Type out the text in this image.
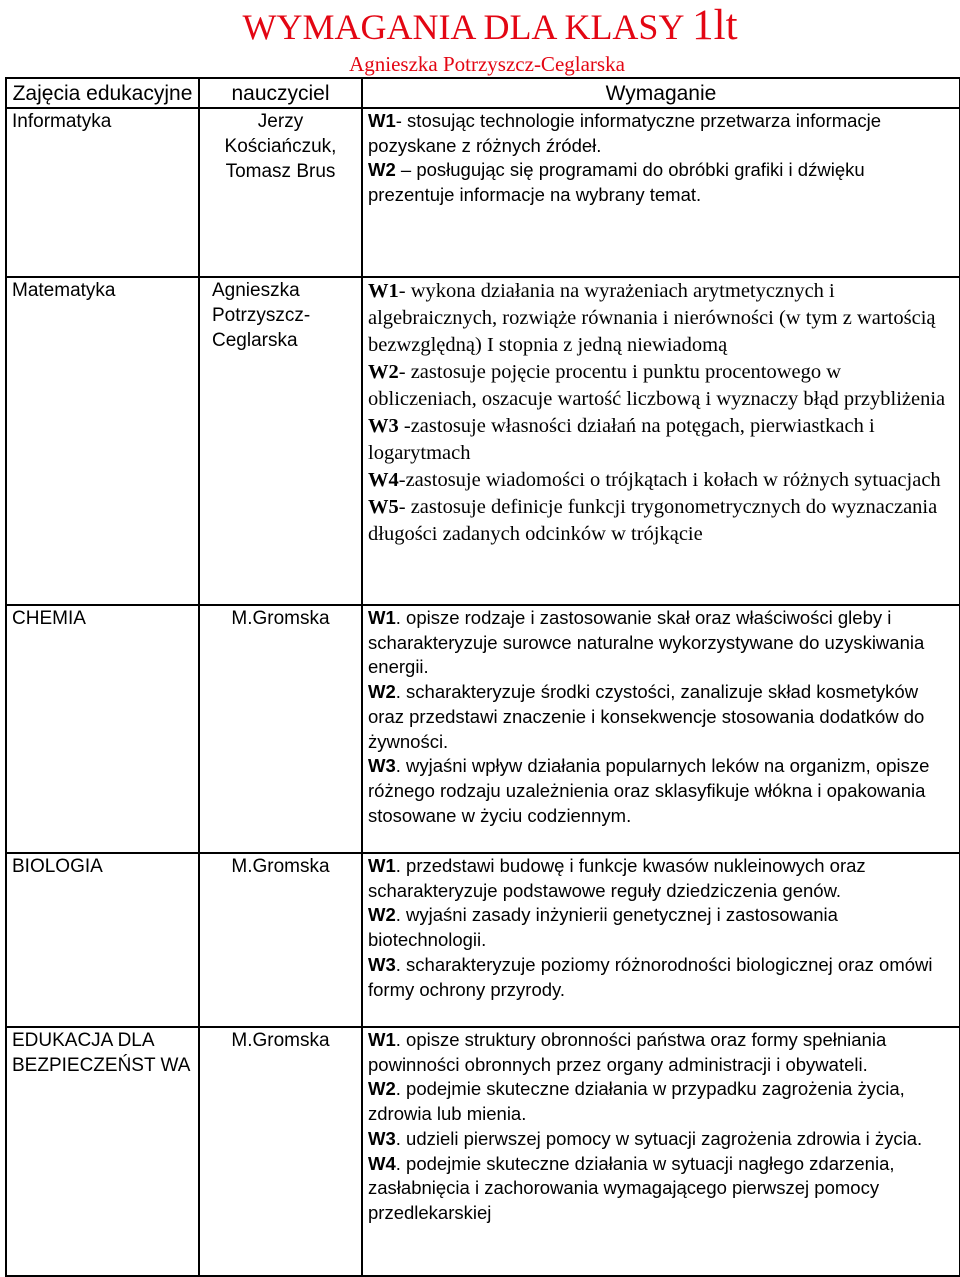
WYMAGANIA DLA KLASY 1lt
Agnieszka Potrzyszcz-Ceglarska
Zajęcia edukacyjne	nauczyciel	Wymaganie
Informatyka	Jerzy Kościańczuk, Tomasz Brus	W1- stosując technologie informatyczne przetwarza informacje pozyskane z różnych źródeł.
W2 – posługując się programami do obróbki grafiki i dźwięku prezentuje informacje na wybrany temat.

Matematyka	Agnieszka Potrzyszcz-Ceglarska	W1- wykona działania na wyrażeniach arytmetycznych i algebraicznych, rozwiąże równania i nierówności (w tym z wartością bezwzględną) I stopnia z jedną niewiadomą
W2- zastosuje pojęcie procentu i punktu procentowego w obliczeniach, oszacuje wartość liczbową i wyznaczy błąd przybliżenia
W3 -zastosuje własności działań na potęgach, pierwiastkach i logarytmach
W4-zastosuje wiadomości o trójkątach i kołach w różnych sytuacjach
W5- zastosuje definicje funkcji trygonometrycznych do wyznaczania długości zadanych odcinków w trójkącie

CHEMIA	M.Gromska	W1. opisze rodzaje i zastosowanie skał oraz właściwości gleby i scharakteryzuje surowce naturalne wykorzystywane do uzyskiwania energii.
W2. scharakteryzuje środki czystości, zanalizuje skład kosmetyków oraz przedstawi znaczenie i konsekwencje stosowania dodatków do żywności.
W3. wyjaśni wpływ działania popularnych leków na organizm, opisze różnego rodzaju uzależnienia oraz sklasyfikuje włókna i opakowania stosowane w życiu codziennym.

BIOLOGIA	M.Gromska	W1. przedstawi budowę i funkcje kwasów nukleinowych oraz scharakteryzuje podstawowe reguły dziedziczenia genów.
W2. wyjaśni zasady inżynierii genetycznej i zastosowania biotechnologii.
W3. scharakteryzuje poziomy różnorodności biologicznej oraz omówi formy ochrony przyrody.

EDUKACJA DLA BEZPIECZEŃST WA	M.Gromska	W1. opisze struktury obronności państwa oraz formy spełniania powinności obronnych przez organy administracji i obywateli.
W2. podejmie skuteczne działania w przypadku zagrożenia życia, zdrowia lub mienia.
W3. udzieli pierwszej pomocy w sytuacji zagrożenia zdrowia i życia.
W4. podejmie skuteczne działania w sytuacji nagłego zdarzenia, zasłabnięcia i zachorowania wymagającego pierwszej pomocy przedlekarskiej
